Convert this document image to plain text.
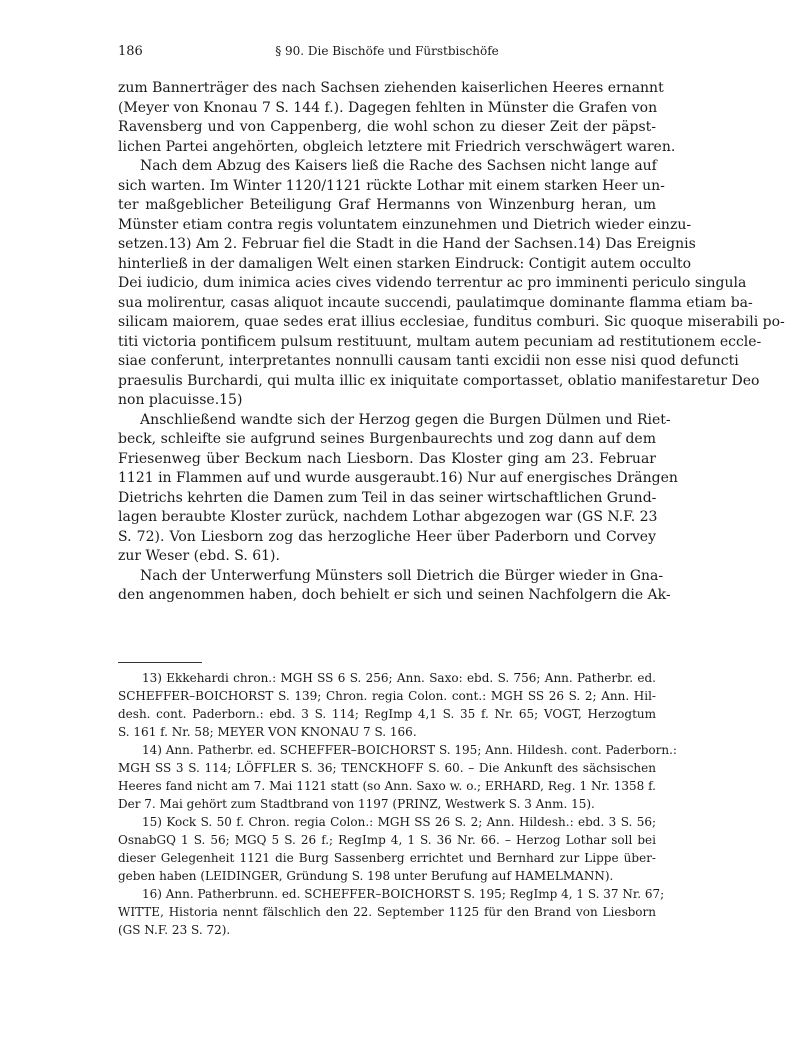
186	§ 90. Die Bischöfe und Fürstbischöfe
zum Bannerträger des nach Sachsen ziehenden kaiserlichen Heeres ernannt
(Meyer von Knonau 7 S. 144 f.). Dagegen fehlten in Münster die Grafen von
Ravensberg und von Cappenberg, die wohl schon zu dieser Zeit der päpst-
lichen Partei angehörten, obgleich letztere mit Friedrich verschwägert waren.
Nach dem Abzug des Kaisers ließ die Rache des Sachsen nicht lange auf
sich warten. Im Winter 1120/1121 rückte Lothar mit einem starken Heer un-
ter maßgeblicher Beteiligung Graf Hermanns von Winzenburg heran, um
Münster etiam contra regis voluntatem einzunehmen und Dietrich wieder einzu-
setzen.13) Am 2. Februar fiel die Stadt in die Hand der Sachsen.14) Das Ereignis
hinterließ in der damaligen Welt einen starken Eindruck: Contigit autem occulto
Dei iudicio, dum inimica acies cives videndo terrentur ac pro imminenti periculo singula
sua molirentur, casas aliquot incaute succendi, paulatimque dominante flamma etiam ba-
silicam maiorem, quae sedes erat illius ecclesiae, funditus comburi. Sic quoque miserabili po-
titi victoria pontificem pulsum restituunt, multam autem pecuniam ad restitutionem eccle-
siae conferunt, interpretantes nonnulli causam tanti excidii non esse nisi quod defuncti
praesulis Burchardi, qui multa illic ex iniquitate comportasset, oblatio manifestaretur Deo
non placuisse.15)
Anschließend wandte sich der Herzog gegen die Burgen Dülmen und Riet-
beck, schleifte sie aufgrund seines Burgenbaurechts und zog dann auf dem
Friesenweg über Beckum nach Liesborn. Das Kloster ging am 23. Februar
1121 in Flammen auf und wurde ausgeraubt.16) Nur auf energisches Drängen
Dietrichs kehrten die Damen zum Teil in das seiner wirtschaftlichen Grund-
lagen beraubte Kloster zurück, nachdem Lothar abgezogen war (GS N.F. 23
S. 72). Von Liesborn zog das herzogliche Heer über Paderborn und Corvey
zur Weser (ebd. S. 61).
Nach der Unterwerfung Münsters soll Dietrich die Bürger wieder in Gna-
den angenommen haben, doch behielt er sich und seinen Nachfolgern die Ak-
13) Ekkehardi chron.: MGH SS 6 S. 256; Ann. Saxo: ebd. S. 756; Ann. Patherbr. ed.
SCHEFFER–BOICHORST S. 139; Chron. regia Colon. cont.: MGH SS 26 S. 2; Ann. Hil-
desh. cont. Paderborn.: ebd. 3 S. 114; RegImp 4,1 S. 35 f. Nr. 65; VOGT, Herzogtum
S. 161 f. Nr. 58; MEYER VON KNONAU 7 S. 166.
14) Ann. Patherbr. ed. SCHEFFER–BOICHORST S. 195; Ann. Hildesh. cont. Paderborn.:
MGH SS 3 S. 114; LÖFFLER S. 36; TENCKHOFF S. 60. – Die Ankunft des sächsischen
Heeres fand nicht am 7. Mai 1121 statt (so Ann. Saxo w. o.; ERHARD, Reg. 1 Nr. 1358 f.
Der 7. Mai gehört zum Stadtbrand von 1197 (PRINZ, Westwerk S. 3 Anm. 15).
15) Kock S. 50 f. Chron. regia Colon.: MGH SS 26 S. 2; Ann. Hildesh.: ebd. 3 S. 56;
OsnabGQ 1 S. 56; MGQ 5 S. 26 f.; RegImp 4, 1 S. 36 Nr. 66. – Herzog Lothar soll bei
dieser Gelegenheit 1121 die Burg Sassenberg errichtet und Bernhard zur Lippe über-
geben haben (LEIDINGER, Gründung S. 198 unter Berufung auf HAMELMANN).
16) Ann. Patherbrunn. ed. SCHEFFER–BOICHORST S. 195; RegImp 4, 1 S. 37 Nr. 67;
WITTE, Historia nennt fälschlich den 22. September 1125 für den Brand von Liesborn
(GS N.F. 23 S. 72).
